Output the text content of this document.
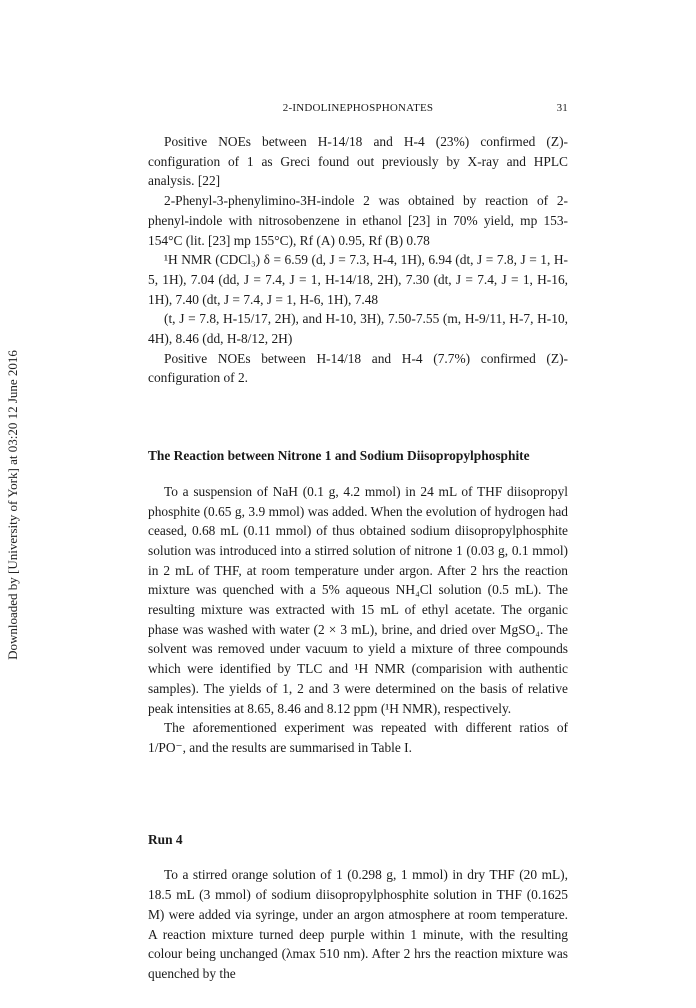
2-INDOLINEPHOSPHONATES	31
Downloaded by [University of York] at 03:20 12 June 2016

Positive NOEs between H-14/18 and H-4 (23%) confirmed (Z)-configuration of 1 as Greci found out previously by X-ray and HPLC analysis. [22]

2-Phenyl-3-phenylimino-3H-indole 2 was obtained by reaction of 2-phenyl-indole with nitrosobenzene in ethanol [23] in 70% yield, mp 153-154°C (lit. [23] mp 155°C), Rf (A) 0.95, Rf (B) 0.78

¹H NMR (CDCl₃) δ = 6.59 (d, J = 7.3, H-4, 1H), 6.94 (dt, J = 7.8, J = 1, H-5, 1H), 7.04 (dd, J = 7.4, J = 1, H-14/18, 2H), 7.30 (dt, J = 7.4, J = 1, H-16, 1H), 7.40 (dt, J = 7.4, J = 1, H-6, 1H), 7.48

(t, J = 7.8, H-15/17, 2H), and H-10, 3H), 7.50-7.55 (m, H-9/11, H-7, H-10, 4H), 8.46 (dd, H-8/12, 2H)

Positive NOEs between H-14/18 and H-4 (7.7%) confirmed (Z)-configuration of 2.

The Reaction between Nitrone 1 and Sodium Diisopropylphosphite

To a suspension of NaH (0.1 g, 4.2 mmol) in 24 mL of THF diisopropyl phosphite (0.65 g, 3.9 mmol) was added. When the evolution of hydrogen had ceased, 0.68 mL (0.11 mmol) of thus obtained sodium diisopropylphosphite solution was introduced into a stirred solution of nitrone 1 (0.03 g, 0.1 mmol) in 2 mL of THF, at room temperature under argon. After 2 hrs the reaction mixture was quenched with a 5% aqueous NH₄Cl solution (0.5 mL). The resulting mixture was extracted with 15 mL of ethyl acetate. The organic phase was washed with water (2 × 3 mL), brine, and dried over MgSO₄. The solvent was removed under vacuum to yield a mixture of three compounds which were identified by TLC and ¹H NMR (comparision with authentic samples). The yields of 1, 2 and 3 were determined on the basis of relative peak intensities at 8.65, 8.46 and 8.12 ppm (¹H NMR), respectively.

The aforementioned experiment was repeated with different ratios of 1/PO⁻, and the results are summarised in Table I.

Run 4

To a stirred orange solution of 1 (0.298 g, 1 mmol) in dry THF (20 mL), 18.5 mL (3 mmol) of sodium diisopropylphosphite solution in THF (0.1625 M) were added via syringe, under an argon atmosphere at room temperature. A reaction mixture turned deep purple within 1 minute, with the resulting colour being unchanged (λmax 510 nm). After 2 hrs the reaction mixture was quenched by the
